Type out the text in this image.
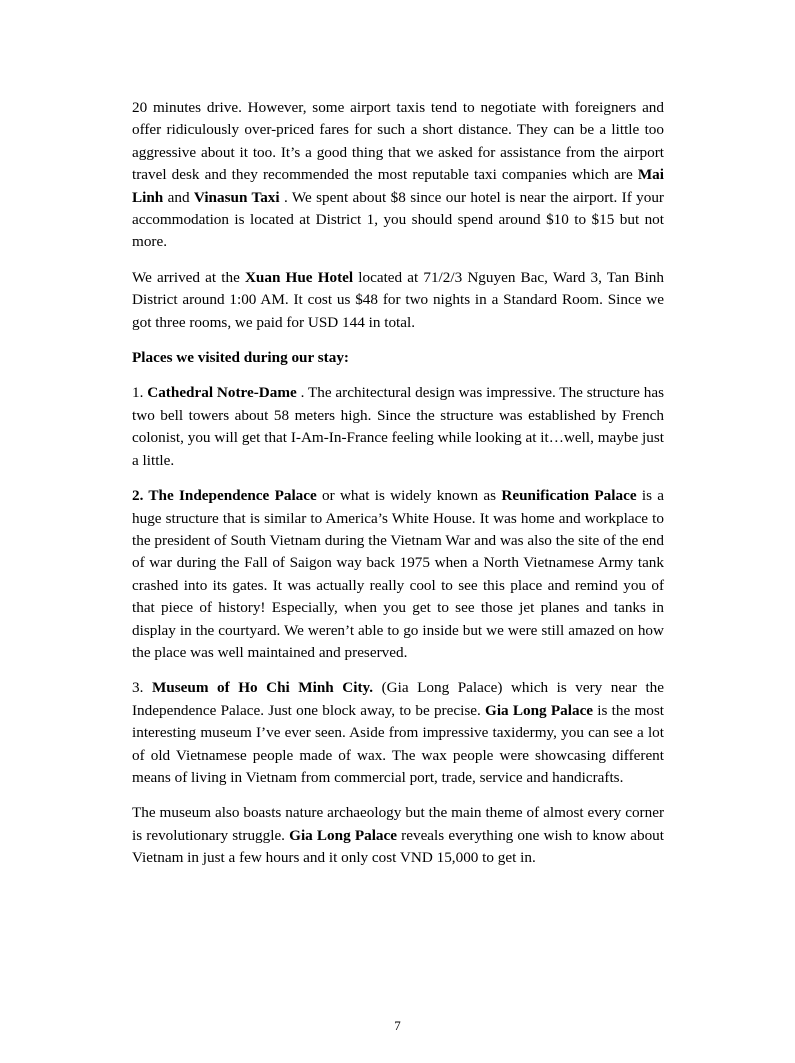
20 minutes drive. However, some airport taxis tend to negotiate with foreigners and offer ridiculously over-priced fares for such a short distance. They can be a little too aggressive about it too. It’s a good thing that we asked for assistance from the airport travel desk and they recommended the most reputable taxi companies which are Mai Linh and Vinasun Taxi . We spent about $8 since our hotel is near the airport. If your accommodation is located at District 1, you should spend around $10 to $15 but not more.

We arrived at the Xuan Hue Hotel located at 71/2/3 Nguyen Bac, Ward 3, Tan Binh District around 1:00 AM. It cost us $48 for two nights in a Standard Room. Since we got three rooms, we paid for USD 144 in total.

Places we visited during our stay:

1. Cathedral Notre-Dame . The architectural design was impressive. The structure has two bell towers about 58 meters high. Since the structure was established by French colonist, you will get that I-Am-In-France feeling while looking at it…well, maybe just a little.

2. The Independence Palace or what is widely known as Reunification Palace is a huge structure that is similar to America’s White House. It was home and workplace to the president of South Vietnam during the Vietnam War and was also the site of the end of war during the Fall of Saigon way back 1975 when a North Vietnamese Army tank crashed into its gates. It was actually really cool to see this place and remind you of that piece of history! Especially, when you get to see those jet planes and tanks in display in the courtyard. We weren’t able to go inside but we were still amazed on how the place was well maintained and preserved.

3. Museum of Ho Chi Minh City. (Gia Long Palace) which is very near the Independence Palace. Just one block away, to be precise. Gia Long Palace is the most interesting museum I’ve ever seen. Aside from impressive taxidermy, you can see a lot of old Vietnamese people made of wax. The wax people were showcasing different means of living in Vietnam from commercial port, trade, service and handicrafts.

The museum also boasts nature archaeology but the main theme of almost every corner is revolutionary struggle. Gia Long Palace reveals everything one wish to know about Vietnam in just a few hours and it only cost VND 15,000 to get in.

7
